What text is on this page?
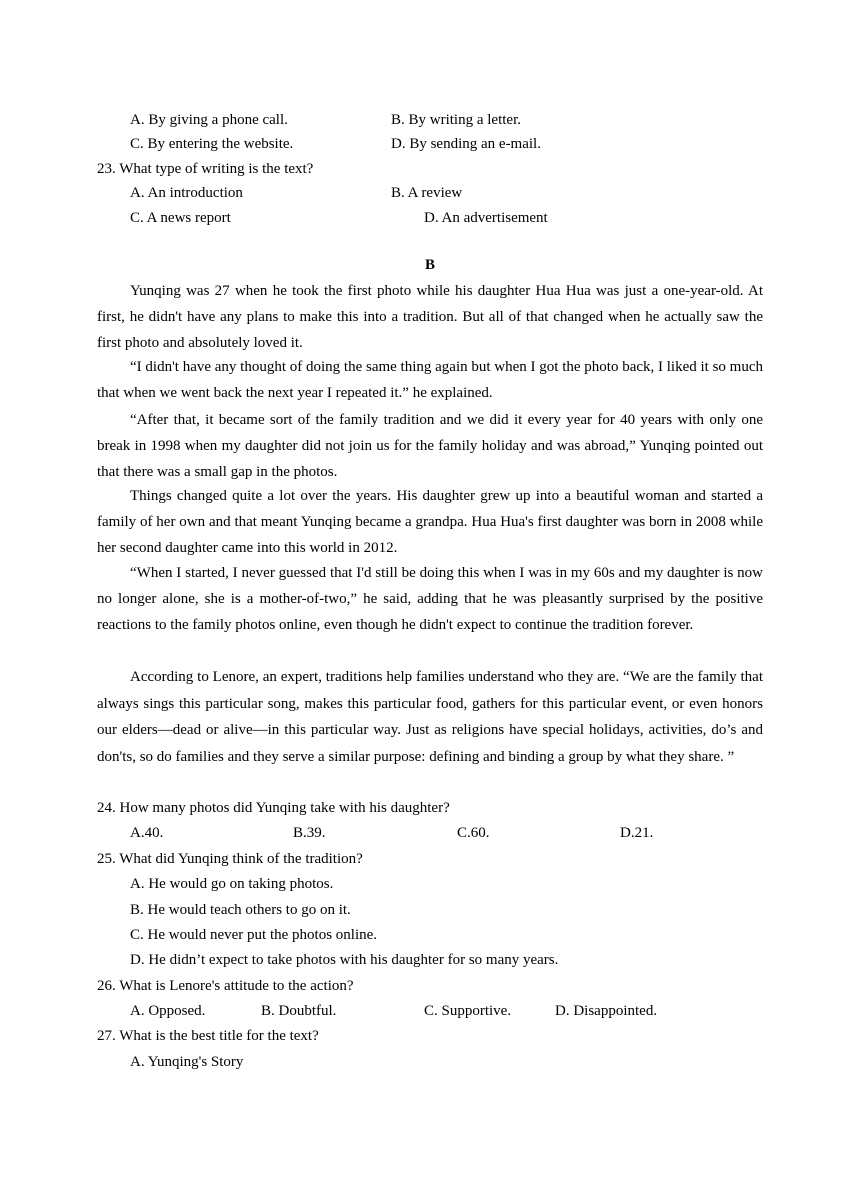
A. By giving a phone call.	B. By writing a letter.
C. By entering the website.	D. By sending an e-mail.
23. What type of writing is the text?
A. An introduction	B. A review
C. A news report	D. An advertisement
B
Yunqing was 27 when he took the first photo while his daughter Hua Hua was just a one-year-old. At first, he didn't have any plans to make this into a tradition. But all of that changed when he actually saw the first photo and absolutely loved it.
“I didn't have any thought of doing the same thing again but when I got the photo back, I liked it so much that when we went back the next year I repeated it.” he explained.
“After that, it became sort of the family tradition and we did it every year for 40 years with only one break in 1998 when my daughter did not join us for the family holiday and was abroad,” Yunqing pointed out that there was a small gap in the photos.
Things changed quite a lot over the years. His daughter grew up into a beautiful woman and started a family of her own and that meant Yunqing became a grandpa. Hua Hua's first daughter was born in 2008 while her second daughter came into this world in 2012.
“When I started, I never guessed that I'd still be doing this when I was in my 60s and my daughter is now no longer alone, she is a mother-of-two,” he said, adding that he was pleasantly surprised by the positive reactions to the family photos online, even though he didn't expect to continue the tradition forever.
According to Lenore, an expert, traditions help families understand who they are. “We are the family that always sings this particular song, makes this particular food, gathers for this particular event, or even honors our elders—dead or alive—in this particular way. Just as religions have special holidays, activities, do’s and don'ts, so do families and they serve a similar purpose: defining and binding a group by what they share. ”
24. How many photos did Yunqing take with his daughter?
A.40.	B.39.	C.60.	D.21.
25. What did Yunqing think of the tradition?
A. He would go on taking photos.
B. He would teach others to go on it.
C. He would never put the photos online.
D. He didn’t expect to take photos with his daughter for so many years.
26. What is Lenore's attitude to the action?
A. Opposed.	B. Doubtful.	C. Supportive.	D. Disappointed.
27. What is the best title for the text?
A. Yunqing's Story
